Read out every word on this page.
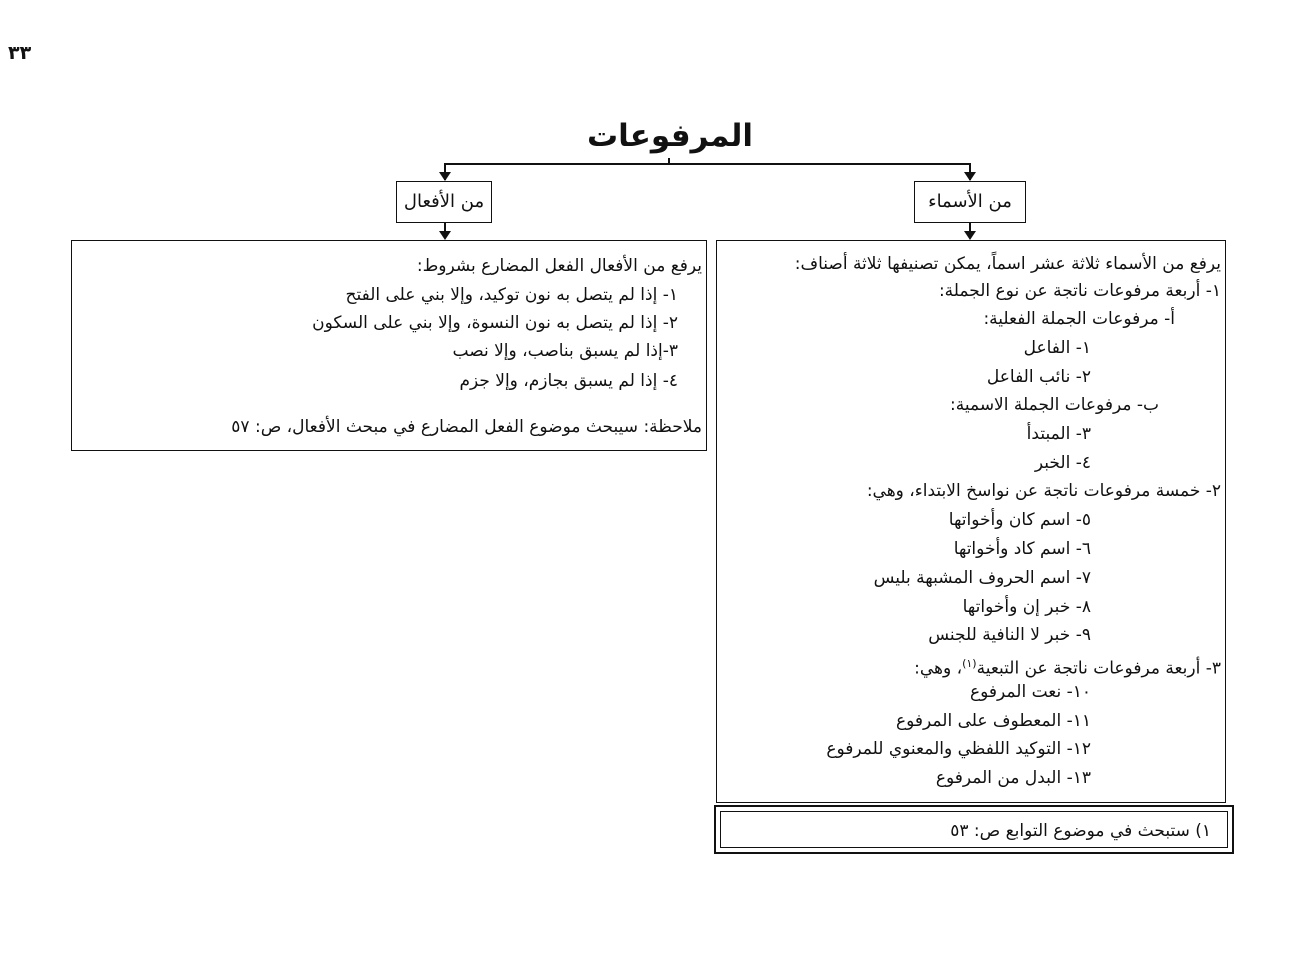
٣٣
المرفوعات
من الأفعال	من الأسماء
يرفع من الأفعال الفعل المضارع بشروط:
١- إذا لم يتصل به نون توكيد، وإلا بني على الفتح
٢- إذا لم يتصل به نون النسوة، وإلا بني على السكون
٣-إذا لم يسبق بناصب، وإلا نصب
٤- إذا لم يسبق بجازم، وإلا جزم
ملاحظة: سيبحث موضوع الفعل المضارع في مبحث الأفعال، ص: ٥٧
يرفع من الأسماء ثلاثة عشر اسماً، يمكن تصنيفها ثلاثة أصناف:
١- أربعة مرفوعات ناتجة عن نوع الجملة:
أ- مرفوعات الجملة الفعلية:
١- الفاعل
٢- نائب الفاعل
ب- مرفوعات الجملة الاسمية:
٣- المبتدأ
٤- الخبر
٢- خمسة مرفوعات ناتجة عن نواسخ الابتداء، وهي:
٥- اسم كان وأخواتها
٦- اسم كاد وأخواتها
٧- اسم الحروف المشبهة بليس
٨- خبر إن وأخواتها
٩- خبر لا النافية للجنس
٣- أربعة مرفوعات ناتجة عن التبعية$^{(١)}$، وهي:
١٠- نعت المرفوع
١١- المعطوف على المرفوع
١٢- التوكيد اللفظي والمعنوي للمرفوع
١٣- البدل من المرفوع
١) ستبحث في موضوع التوابع ص: ٥٣
